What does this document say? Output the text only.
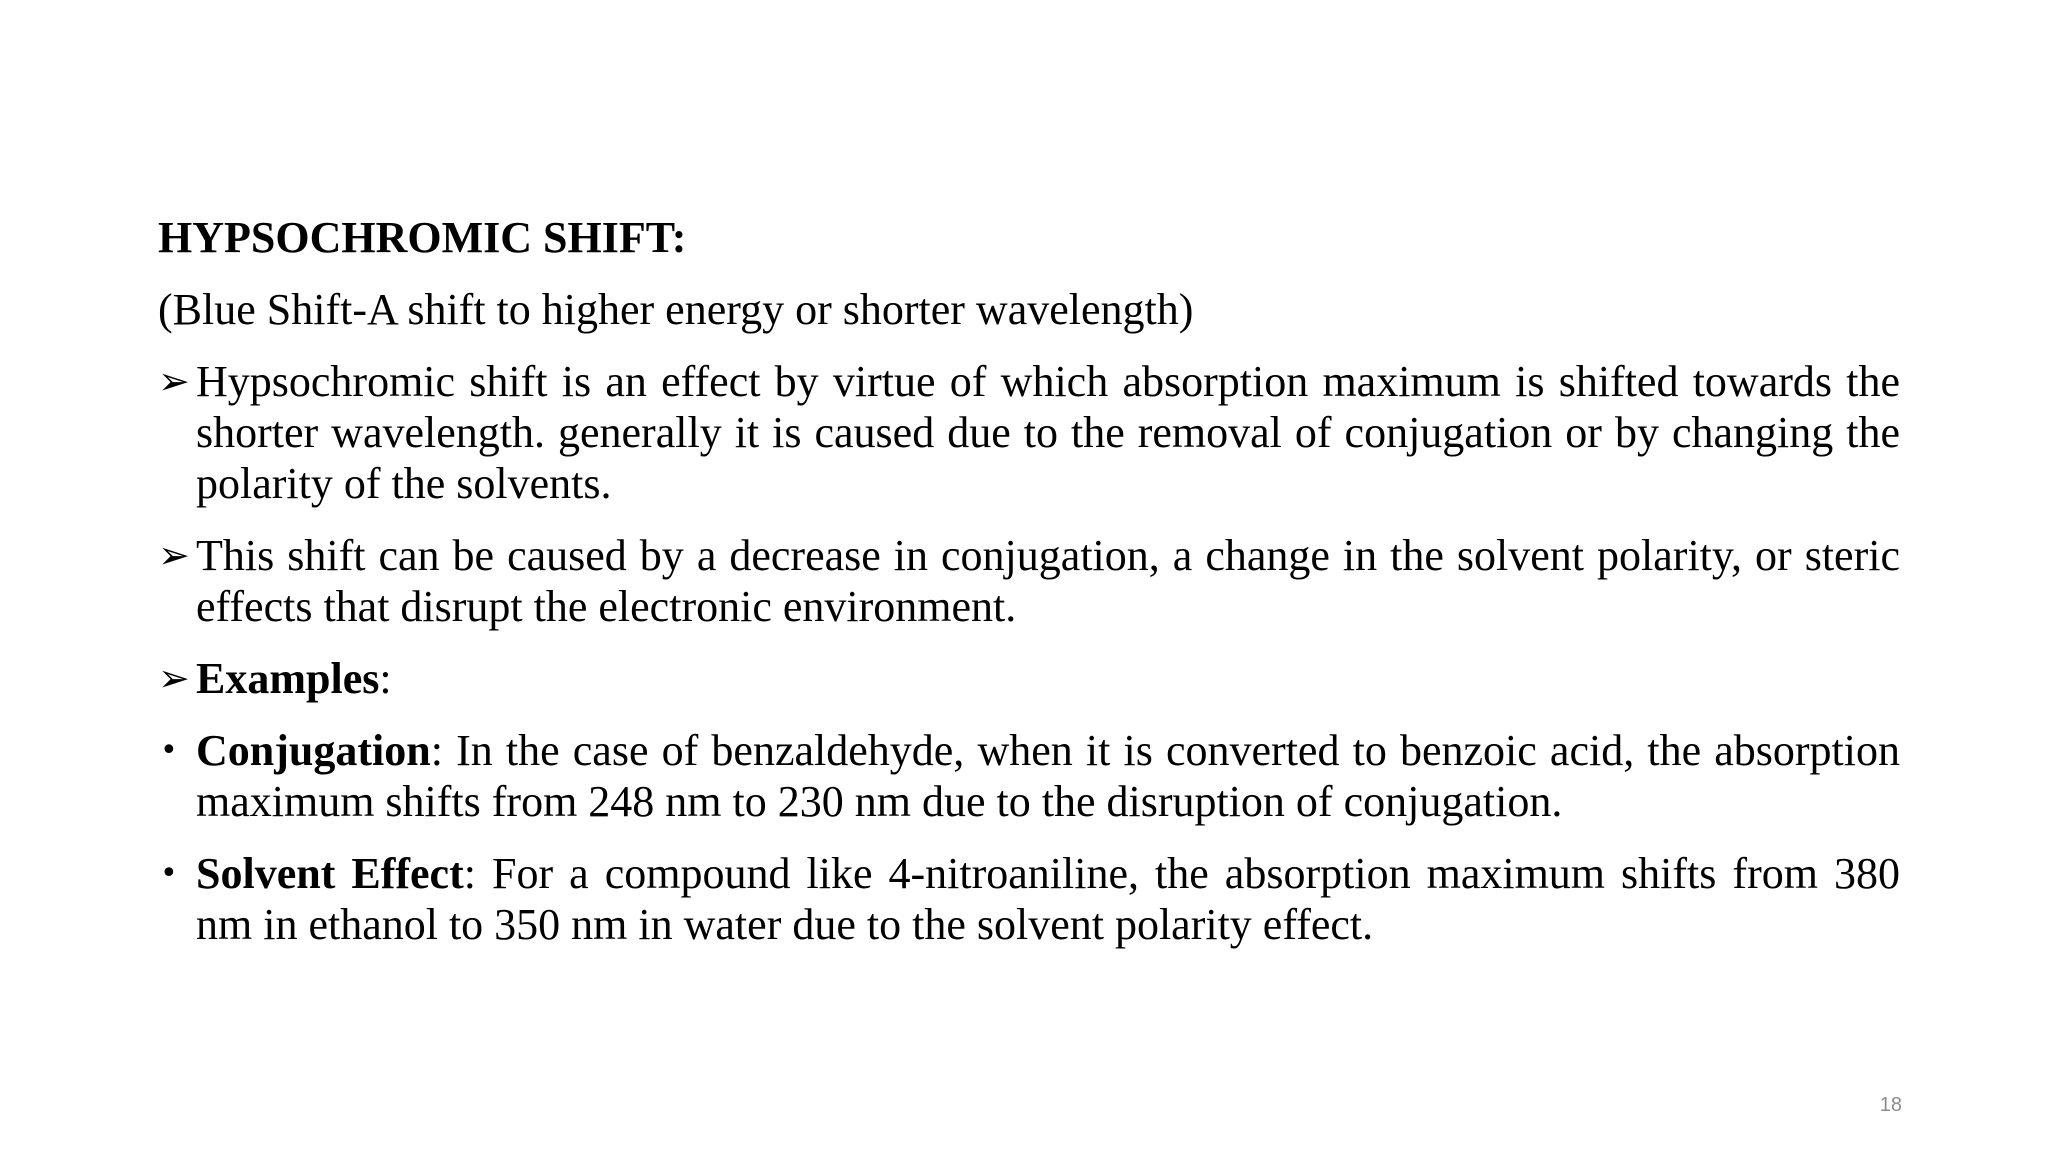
HYPSOCHROMIC SHIFT:
(Blue Shift-A shift to higher energy or shorter wavelength)
➢ Hypsochromic shift is an effect by virtue of which absorption maximum is shifted towards the shorter wavelength. generally it is caused due to the removal of conjugation or by changing the polarity of the solvents.
➢ This shift can be caused by a decrease in conjugation, a change in the solvent polarity, or steric effects that disrupt the electronic environment.
➢ Examples:
• Conjugation: In the case of benzaldehyde, when it is converted to benzoic acid, the absorption maximum shifts from 248 nm to 230 nm due to the disruption of conjugation.
• Solvent Effect: For a compound like 4-nitroaniline, the absorption maximum shifts from 380 nm in ethanol to 350 nm in water due to the solvent polarity effect.
18
